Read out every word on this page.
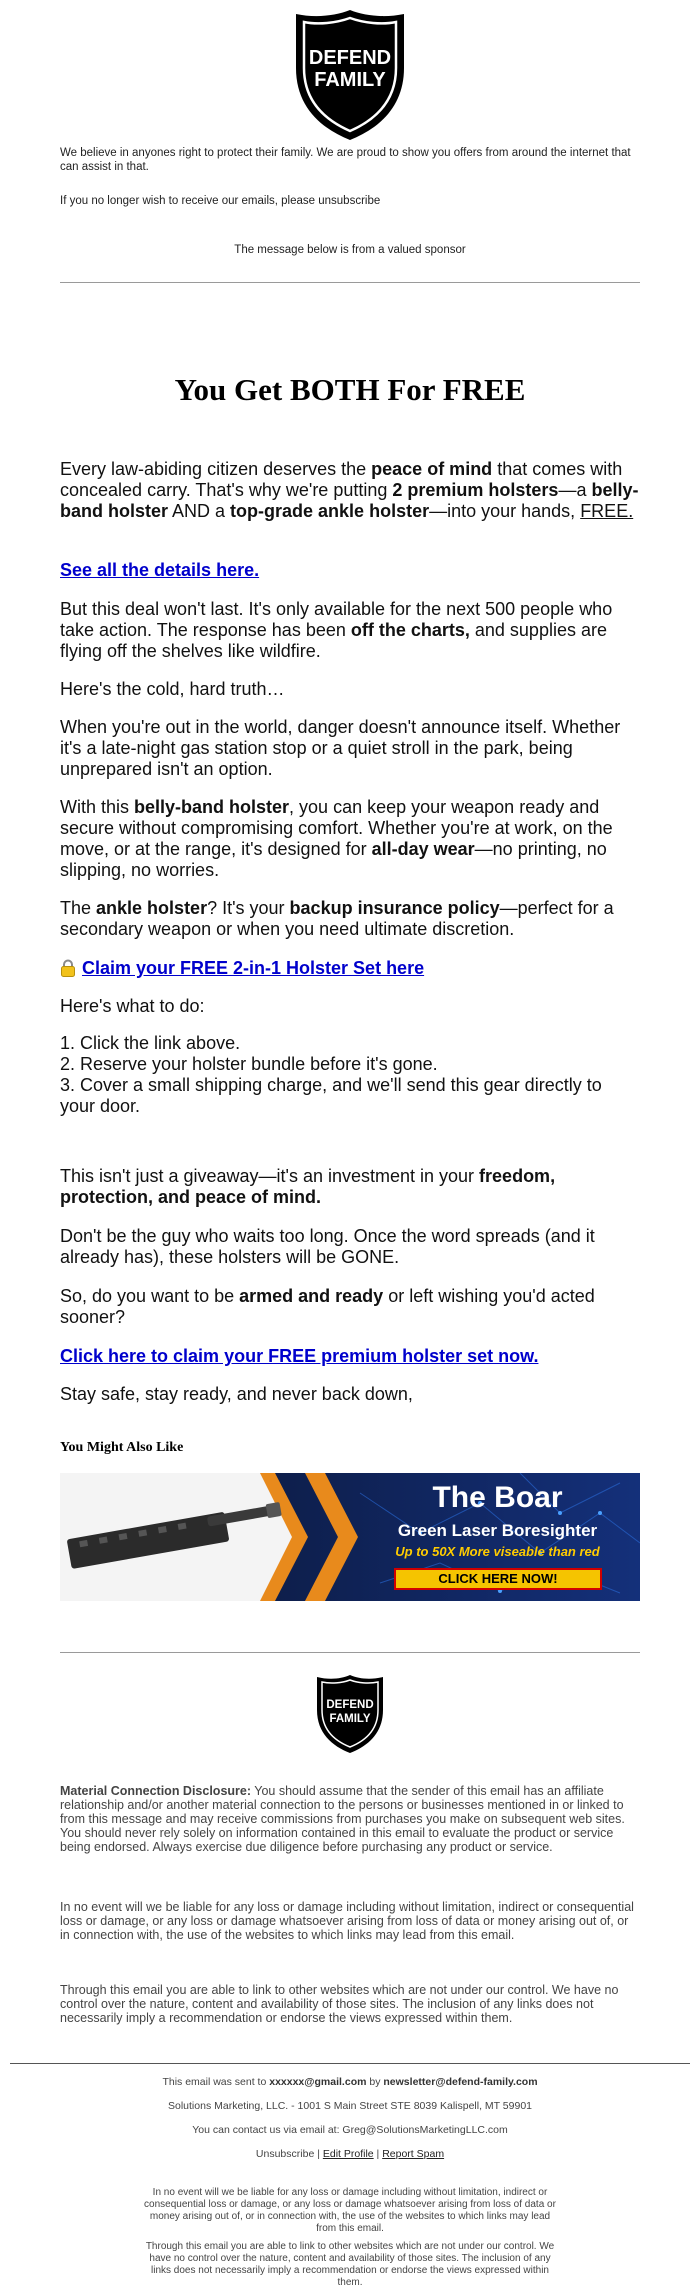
DEFEND
FAMILY
We believe in anyones right to protect their family. We are proud to show you offers from around the internet that can assist in that.
If you no longer wish to receive our emails, please unsubscribe
The message below is from a valued sponsor
You Get BOTH For FREE

Every law-abiding citizen deserves the peace of mind that comes with concealed carry. That's why we're putting 2 premium holsters—a belly-band holster AND a top-grade ankle holster—into your hands, FREE.

See all the details here.

But this deal won't last. It's only available for the next 500 people who take action. The response has been off the charts, and supplies are flying off the shelves like wildfire.

Here's the cold, hard truth…

When you're out in the world, danger doesn't announce itself. Whether it's a late-night gas station stop or a quiet stroll in the park, being unprepared isn't an option.

With this belly-band holster, you can keep your weapon ready and secure without compromising comfort. Whether you're at work, on the move, or at the range, it's designed for all-day wear—no printing, no slipping, no worries.

The ankle holster? It's your backup insurance policy—perfect for a secondary weapon or when you need ultimate discretion.

Claim your FREE 2-in-1 Holster Set here

Here's what to do:

1. Click the link above.

2. Reserve your holster bundle before it's gone.

3. Cover a small shipping charge, and we'll send this gear directly to your door.

This isn't just a giveaway—it's an investment in your freedom, protection, and peace of mind.

Don't be the guy who waits too long. Once the word spreads (and it already has), these holsters will be GONE.

So, do you want to be armed and ready or left wishing you'd acted sooner?

Click here to claim your FREE premium holster set now.

Stay safe, stay ready, and never back down,

You Might Also Like
The Boar
Green Laser Boresighter
Up to 50X More viseable than red
CLICK HERE NOW!
DEFEND
FAMILY

Material Connection Disclosure: You should assume that the sender of this email has an affiliate relationship and/or another material connection to the persons or businesses mentioned in or linked to from this message and may receive commissions from purchases you make on subsequent web sites. You should never rely solely on information contained in this email to evaluate the product or service being endorsed. Always exercise due diligence before purchasing any product or service.

In no event will we be liable for any loss or damage including without limitation, indirect or consequential loss or damage, or any loss or damage whatsoever arising from loss of data or money arising out of, or in connection with, the use of the websites to which links may lead from this email.

Through this email you are able to link to other websites which are not under our control. We have no control over the nature, content and availability of those sites. The inclusion of any links does not necessarily imply a recommendation or endorse the views expressed within them.

This email was sent to xxxxxx@gmail.com by newsletter@defend-family.com
Solutions Marketing, LLC. - 1001 S Main Street STE 8039 Kalispell, MT 59901
You can contact us via email at: Greg@SolutionsMarketingLLC.com
Unsubscribe | Edit Profile | Report Spam

In no event will we be liable for any loss or damage including without limitation, indirect or consequential loss or damage, or any loss or damage whatsoever arising from loss of data or money arising out of, or in connection with, the use of the websites to which links may lead from this email.

Through this email you are able to link to other websites which are not under our control. We have no control over the nature, content and availability of those sites. The inclusion of any links does not necessarily imply a recommendation or endorse the views expressed within them.
